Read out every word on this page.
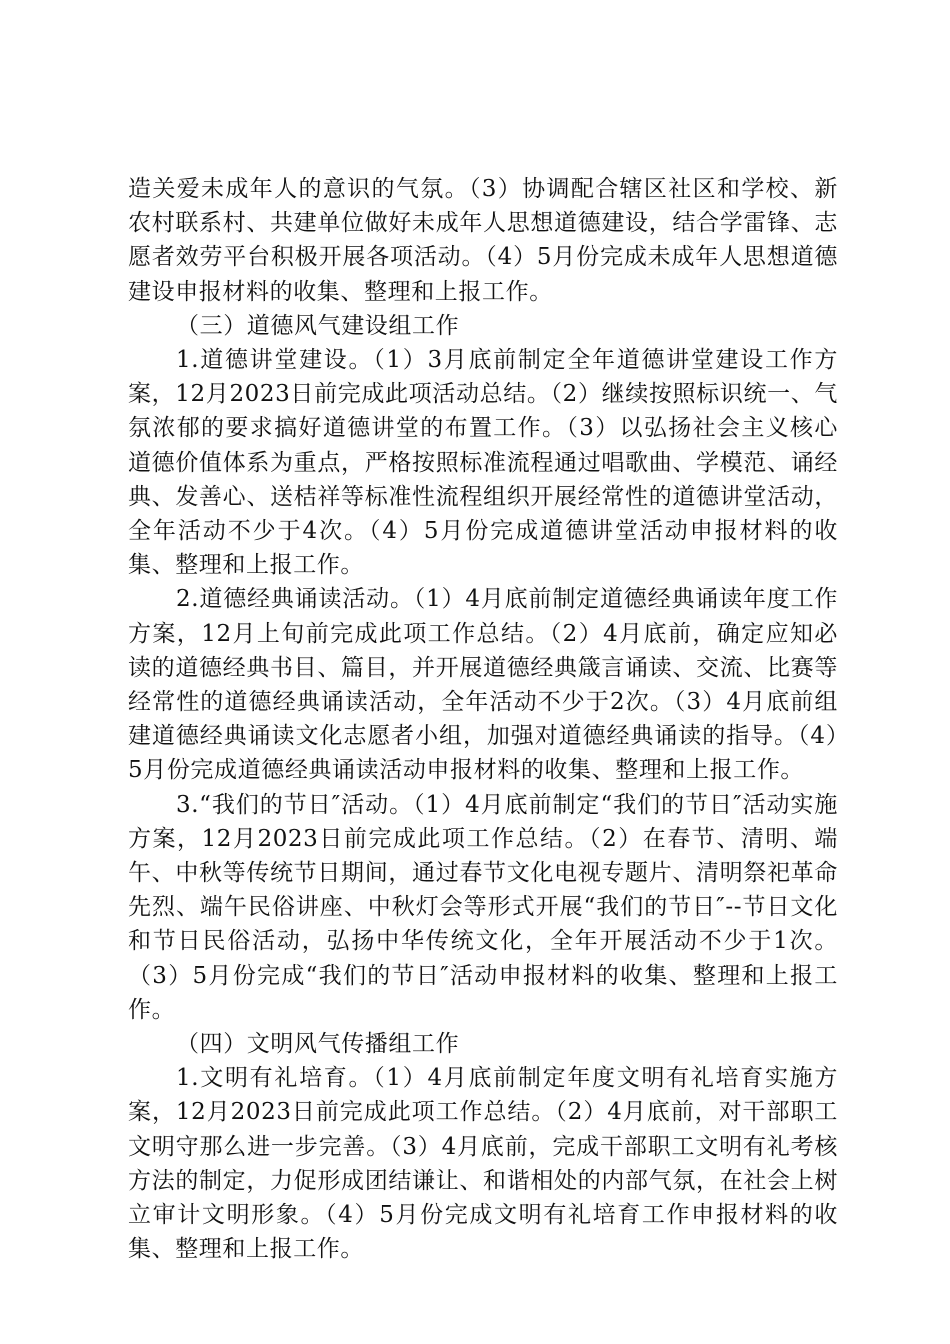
造关爱未成年人的意识的气氛。（3）协调配合辖区社区和学校、新农村联系村、共建单位做好未成年人思想道德建设，结合学雷锋、志愿者效劳平台积极开展各项活动。（4）5月份完成未成年人思想道德建设申报材料的收集、整理和上报工作。

（三）道德风气建设组工作

1.道德讲堂建设。（1）3月底前制定全年道德讲堂建设工作方案，12月2023日前完成此项活动总结。（2）继续按照标识统一、气氛浓郁的要求搞好道德讲堂的布置工作。（3）以弘扬社会主义核心道德价值体系为重点，严格按照标准流程通过唱歌曲、学模范、诵经典、发善心、送桔祥等标准性流程组织开展经常性的道德讲堂活动，全年活动不少于4次。（4）5月份完成道德讲堂活动申报材料的收集、整理和上报工作。

2.道德经典诵读活动。（1）4月底前制定道德经典诵读年度工作方案，12月上旬前完成此项工作总结。（2）4月底前，确定应知必读的道德经典书目、篇目，并开展道德经典箴言诵读、交流、比赛等经常性的道德经典诵读活动，全年活动不少于2次。（3）4月底前组建道德经典诵读文化志愿者小组，加强对道德经典诵读的指导。（4）5月份完成道德经典诵读活动申报材料的收集、整理和上报工作。

3.“我们的节日″活动。（1）4月底前制定“我们的节日″活动实施方案，12月2023日前完成此项工作总结。（2）在春节、清明、端午、中秋等传统节日期间，通过春节文化电视专题片、清明祭祀革命先烈、端午民俗讲座、中秋灯会等形式开展“我们的节日″--节日文化和节日民俗活动，弘扬中华传统文化，全年开展活动不少于1次。（3）5月份完成“我们的节日″活动申报材料的收集、整理和上报工作。

（四）文明风气传播组工作

1.文明有礼培育。（1）4月底前制定年度文明有礼培育实施方案，12月2023日前完成此项工作总结。（2）4月底前，对干部职工文明守那么进一步完善。（3）4月底前，完成干部职工文明有礼考核方法的制定，力促形成团结谦让、和谐相处的内部气氛，在社会上树立审计文明形象。（4）5月份完成文明有礼培育工作申报材料的收集、整理和上报工作。
